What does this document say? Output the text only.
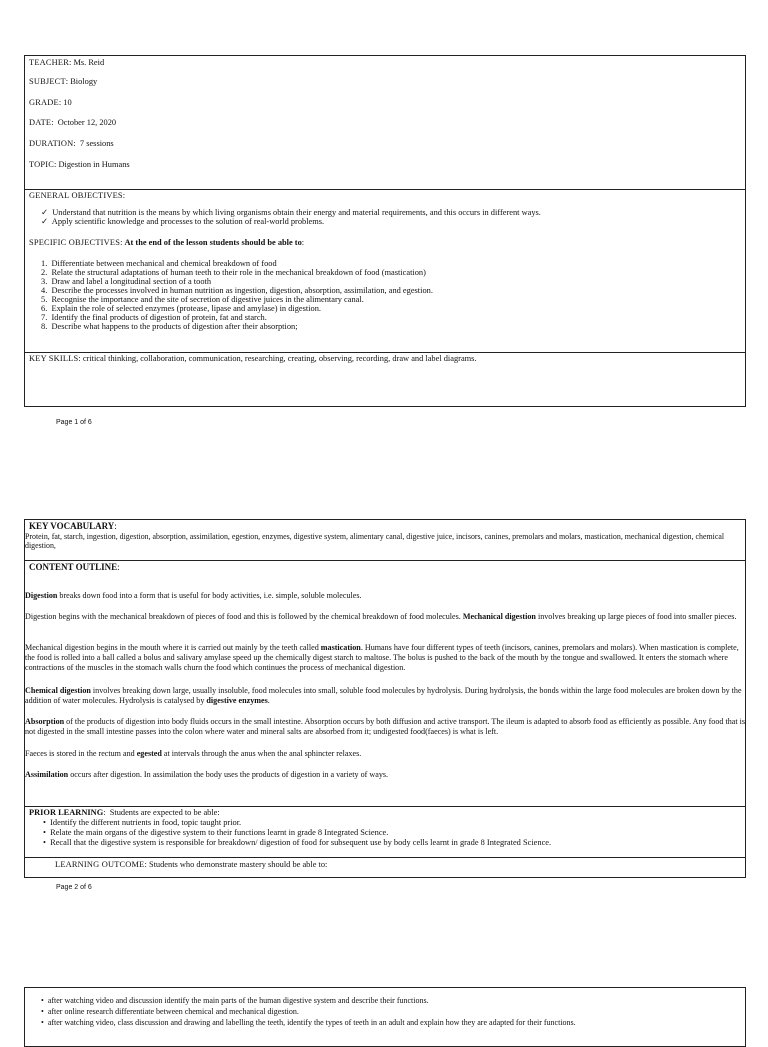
TEACHER: Ms. Reid
SUBJECT: Biology
GRADE: 10
DATE:  October 12, 2020
DURATION:  7 sessions
TOPIC: Digestion in Humans
GENERAL OBJECTIVES:
✓ Understand that nutrition is the means by which living organisms obtain their energy and material requirements, and this occurs in different ways.
✓ Apply scientific knowledge and processes to the solution of real-world problems.
SPECIFIC OBJECTIVES: At the end of the lesson students should be able to:
1.  Differentiate between mechanical and chemical breakdown of food
2.  Relate the structural adaptations of human teeth to their role in the mechanical breakdown of food (mastication)
3.  Draw and label a longitudinal section of a tooth
4.  Describe the processes involved in human nutrition as ingestion, digestion, absorption, assimilation, and egestion.
5.  Recognise the importance and the site of secretion of digestive juices in the alimentary canal.
6.  Explain the role of selected enzymes (protease, lipase and amylase) in digestion.
7.  Identify the final products of digestion of protein, fat and starch.
8.  Describe what happens to the products of digestion after their absorption;
KEY SKILLS: critical thinking, collaboration, communication, researching, creating, observing, recording, draw and label diagrams.
Page 1 of 6
KEY VOCABULARY:
Protein, fat, starch, ingestion, digestion, absorption, assimilation, egestion, enzymes, digestive system, alimentary canal, digestive juice, incisors, canines, premolars and molars, mastication, mechanical digestion, chemical digestion,
CONTENT OUTLINE:
Digestion breaks down food into a form that is useful for body activities, i.e. simple, soluble molecules.
Digestion begins with the mechanical breakdown of pieces of food and this is followed by the chemical breakdown of food molecules. Mechanical digestion involves breaking up large pieces of food into smaller pieces.
Mechanical digestion begins in the mouth where it is carried out mainly by the teeth called mastication. Humans have four different types of teeth (incisors, canines, premolars and molars). When mastication is complete, the food is rolled into a ball called a bolus and salivary amylase speed up the chemically digest starch to maltose. The bolus is pushed to the back of the mouth by the tongue and swallowed. It enters the stomach where contractions of the muscles in the stomach walls churn the food which continues the process of mechanical digestion.
Chemical digestion involves breaking down large, usually insoluble, food molecules into small, soluble food molecules by hydrolysis. During hydrolysis, the bonds within the large food molecules are broken down by the addition of water molecules. Hydrolysis is catalysed by digestive enzymes.
Absorption of the products of digestion into body fluids occurs in the small intestine. Absorption occurs by both diffusion and active transport. The ileum is adapted to absorb food as efficiently as possible. Any food that is not digested in the small intestine passes into the colon where water and mineral salts are absorbed from it; undigested food(faeces) is what is left.
Faeces is stored in the rectum and egested at intervals through the anus when the anal sphincter relaxes.
Assimilation occurs after digestion. In assimilation the body uses the products of digestion in a variety of ways.
PRIOR LEARNING:  Students are expected to be able:
• Identify the different nutrients in food, topic taught prior.
• Relate the main organs of the digestive system to their functions learnt in grade 8 Integrated Science.
• Recall that the digestive system is responsible for breakdown/ digestion of food for subsequent use by body cells learnt in grade 8 Integrated Science.
LEARNING OUTCOME: Students who demonstrate mastery should be able to:
Page 2 of 6
• after watching video and discussion identify the main parts of the human digestive system and describe their functions.
• after online research differentiate between chemical and mechanical digestion.
• after watching video, class discussion and drawing and labelling the teeth, identify the types of teeth in an adult and explain how they are adapted for their functions.
